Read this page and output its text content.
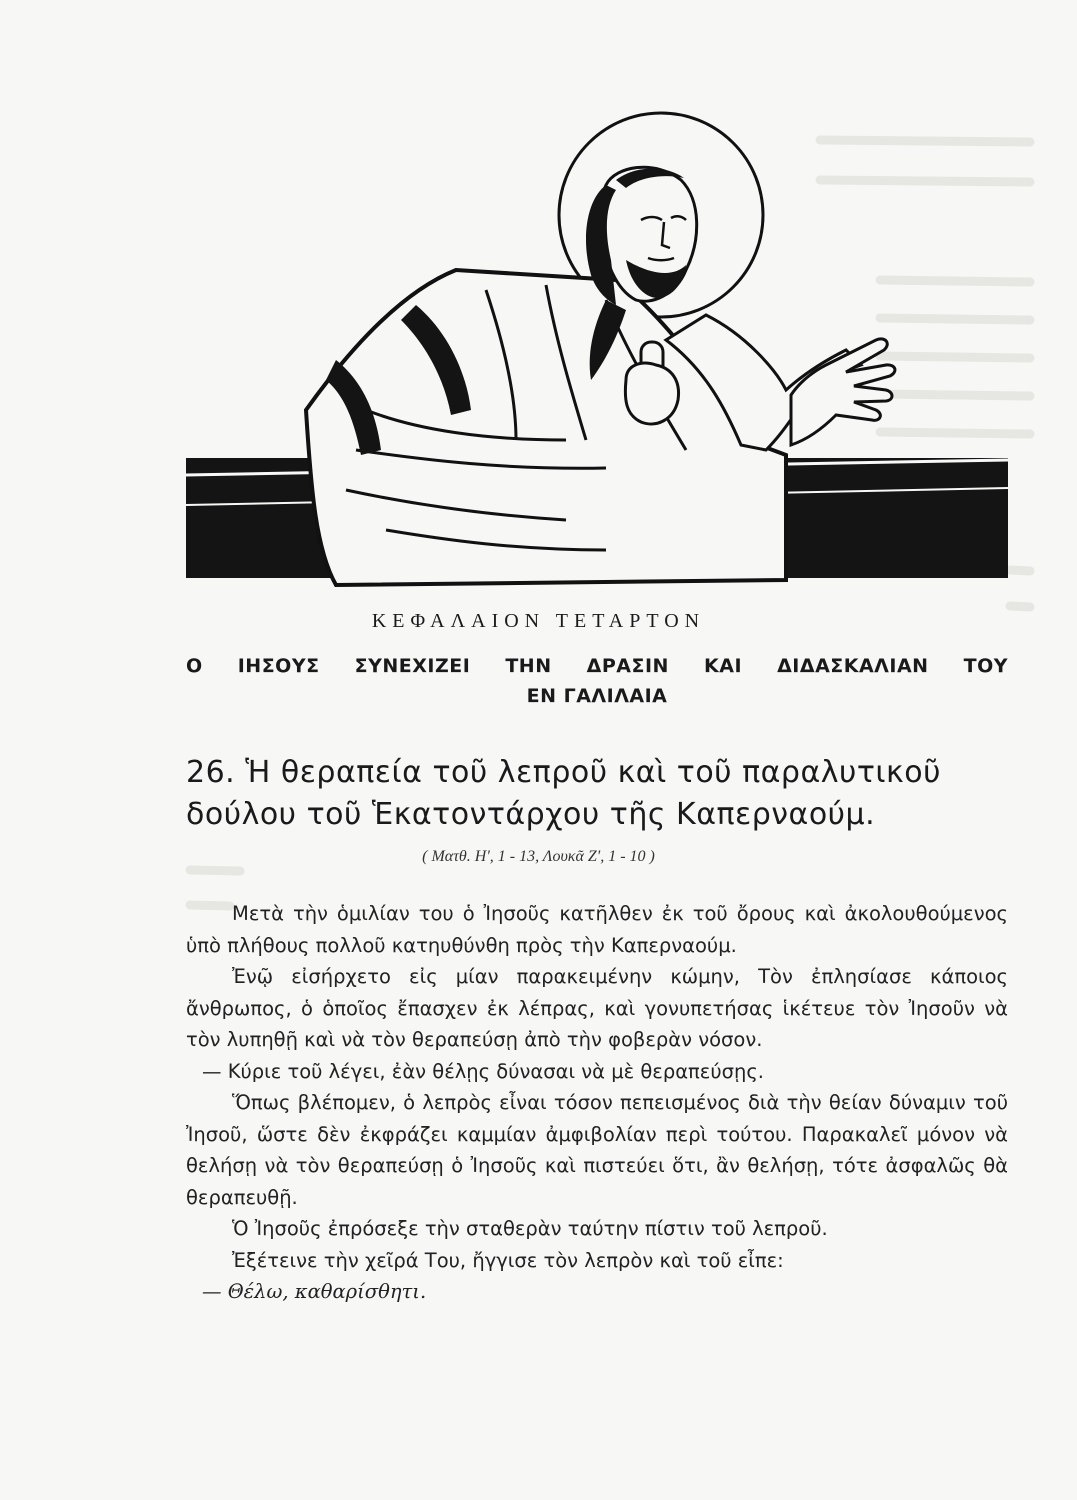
ΚΕΦΑΛΑΙΟΝ ΤΕΤΑΡΤΟΝ
Ο ΙΗΣΟΥΣ ΣΥΝΕΧΙΖΕΙ ΤΗΝ ΔΡΑΣΙΝ ΚΑΙ ΔΙΔΑΣΚΑΛΙΑΝ ΤΟΥ
ΕΝ ΓΑΛΙΛΑΙΑ
26. Ἡ θεραπεία τοῦ λεπροῦ καὶ τοῦ παραλυτικοῦ
δούλου τοῦ Ἑκατοντάρχου τῆς Καπερναούμ.
( Ματθ. Η', 1 - 13, Λουκᾶ Ζ', 1 - 10 )

Μετὰ τὴν ὁμιλίαν του ὁ Ἰησοῦς κατῆλθεν ἐκ τοῦ ὄρους καὶ ἀκολουθούμενος ὑπὸ πλήθους πολλοῦ κατηυθύνθη πρὸς τὴν Καπερναούμ.

Ἐνῷ εἰσήρχετο εἰς μίαν παρακειμένην κώμην, Τὸν ἐπλησίασε κάποιος ἄνθρωπος, ὁ ὁποῖος ἔπασχεν ἐκ λέπρας, καὶ γονυπετήσας ἱκέτευε τὸν Ἰησοῦν νὰ τὸν λυπηθῇ καὶ νὰ τὸν θεραπεύσῃ ἀπὸ τὴν φοβερὰν νόσον.

— Κύριε τοῦ λέγει, ἐὰν θέλῃς δύνασαι νὰ μὲ θεραπεύσῃς.

Ὅπως βλέπομεν, ὁ λεπρὸς εἶναι τόσον πεπεισμένος διὰ τὴν θείαν δύναμιν τοῦ Ἰησοῦ, ὥστε δὲν ἐκφράζει καμμίαν ἀμφιβολίαν περὶ τούτου. Παρακαλεῖ μόνον νὰ θελήσῃ νὰ τὸν θεραπεύσῃ ὁ Ἰησοῦς καὶ πιστεύει ὅτι, ἂν θελήσῃ, τότε ἀσφαλῶς θὰ θεραπευθῇ.

Ὁ Ἰησοῦς ἐπρόσεξε τὴν σταθερὰν ταύτην πίστιν τοῦ λεπροῦ.

Ἐξέτεινε τὴν χεῖρά Του, ἤγγισε τὸν λεπρὸν καὶ τοῦ εἶπε:

— Θέλω, καθαρίσθητι.
